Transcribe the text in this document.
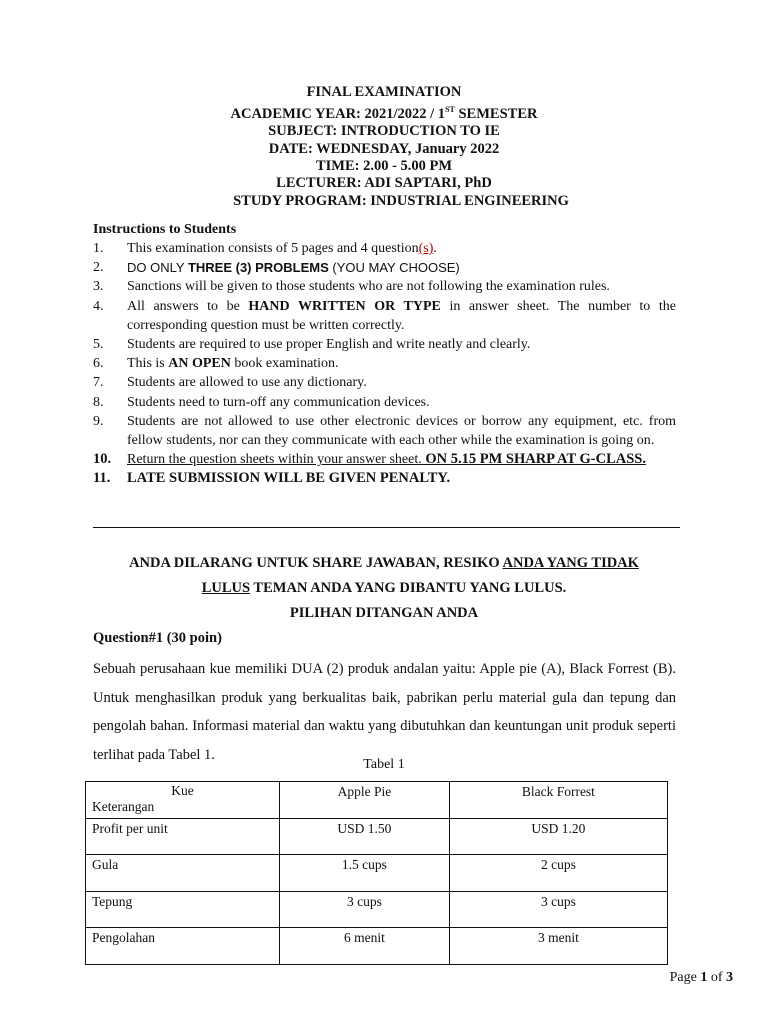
FINAL EXAMINATION
ACADEMIC YEAR: 2021/2022 / 1ST SEMESTER
SUBJECT: INTRODUCTION TO IE
DATE: WEDNESDAY, January 2022
TIME: 2.00 - 5.00 PM
LECTURER: ADI SAPTARI, PhD
STUDY PROGRAM: INDUSTRIAL ENGINEERING
Instructions to Students
1.	This examination consists of 5 pages and 4 question(s).
2.	DO ONLY THREE (3) PROBLEMS (YOU MAY CHOOSE)
3.	Sanctions will be given to those students who are not following the examination rules.
4.	All answers to be HAND WRITTEN OR TYPE in answer sheet. The number to the corresponding question must be written correctly.
5.	Students are required to use proper English and write neatly and clearly.
6.	This is AN OPEN book examination.
7.	Students are allowed to use any dictionary.
8.	Students need to turn-off any communication devices.
9.	Students are not allowed to use other electronic devices or borrow any equipment, etc. from fellow students, nor can they communicate with each other while the examination is going on.
10.	Return the question sheets within your answer sheet. ON 5.15 PM SHARP AT G-CLASS.
11.	LATE SUBMISSION WILL BE GIVEN PENALTY.
ANDA DILARANG UNTUK SHARE JAWABAN, RESIKO ANDA YANG TIDAK
LULUS TEMAN ANDA YANG DIBANTU YANG LULUS.
PILIHAN DITANGAN ANDA
Question#1 (30 poin)
Sebuah perusahaan kue memiliki DUA (2) produk andalan yaitu: Apple pie (A), Black Forrest (B). Untuk menghasilkan produk yang berkualitas baik, pabrikan perlu material gula dan tepung dan pengolah bahan. Informasi material dan waktu yang dibutuhkan dan keuntungan unit produk seperti terlihat pada Tabel 1.
Tabel 1
Kue
Keterangan	Apple Pie	Black Forrest
Profit per unit	USD 1.50	USD 1.20
Gula	1.5 cups	2 cups
Tepung	3 cups	3 cups
Pengolahan	6 menit	3 menit
Page 1 of 3
